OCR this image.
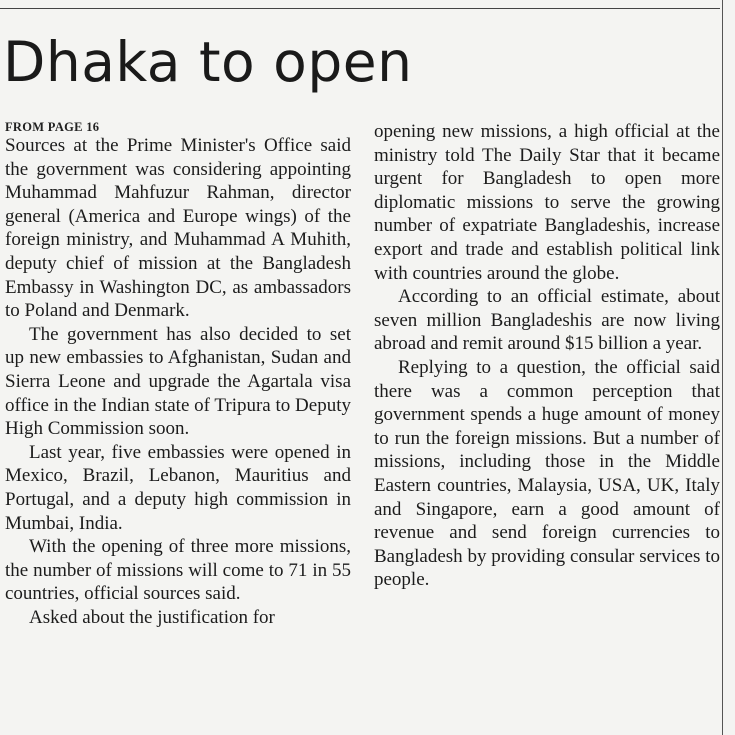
Dhaka to open
FROM PAGE 16

Sources at the Prime Minister's Office said the government was considering appointing Muhammad Mahfuzur Rahman, director general (America and Europe wings) of the foreign ministry, and Muhammad A Muhith, deputy chief of mission at the Bangladesh Embassy in Washington DC, as ambassadors to Poland and Denmark.

The government has also decided to set up new embassies to Afghanistan, Sudan and Sierra Leone and upgrade the Agartala visa office in the Indian state of Tripura to Deputy High Commission soon.

Last year, five embassies were opened in Mexico, Brazil, Lebanon, Mauritius and Portugal, and a deputy high commission in Mumbai, India.

With the opening of three more missions, the number of missions will come to 71 in 55 countries, official sources said.

Asked about the justification for

opening new missions, a high official at the ministry told The Daily Star that it became urgent for Bangladesh to open more diplomatic missions to serve the growing number of expatriate Bangladeshis, increase export and trade and establish political link with countries around the globe.

According to an official estimate, about seven million Bangladeshis are now living abroad and remit around $15 billion a year.

Replying to a question, the official said there was a common perception that government spends a huge amount of money to run the foreign missions. But a number of missions, including those in the Middle Eastern countries, Malaysia, USA, UK, Italy and Singapore, earn a good amount of revenue and send foreign currencies to Bangladesh by providing consular services to people.
